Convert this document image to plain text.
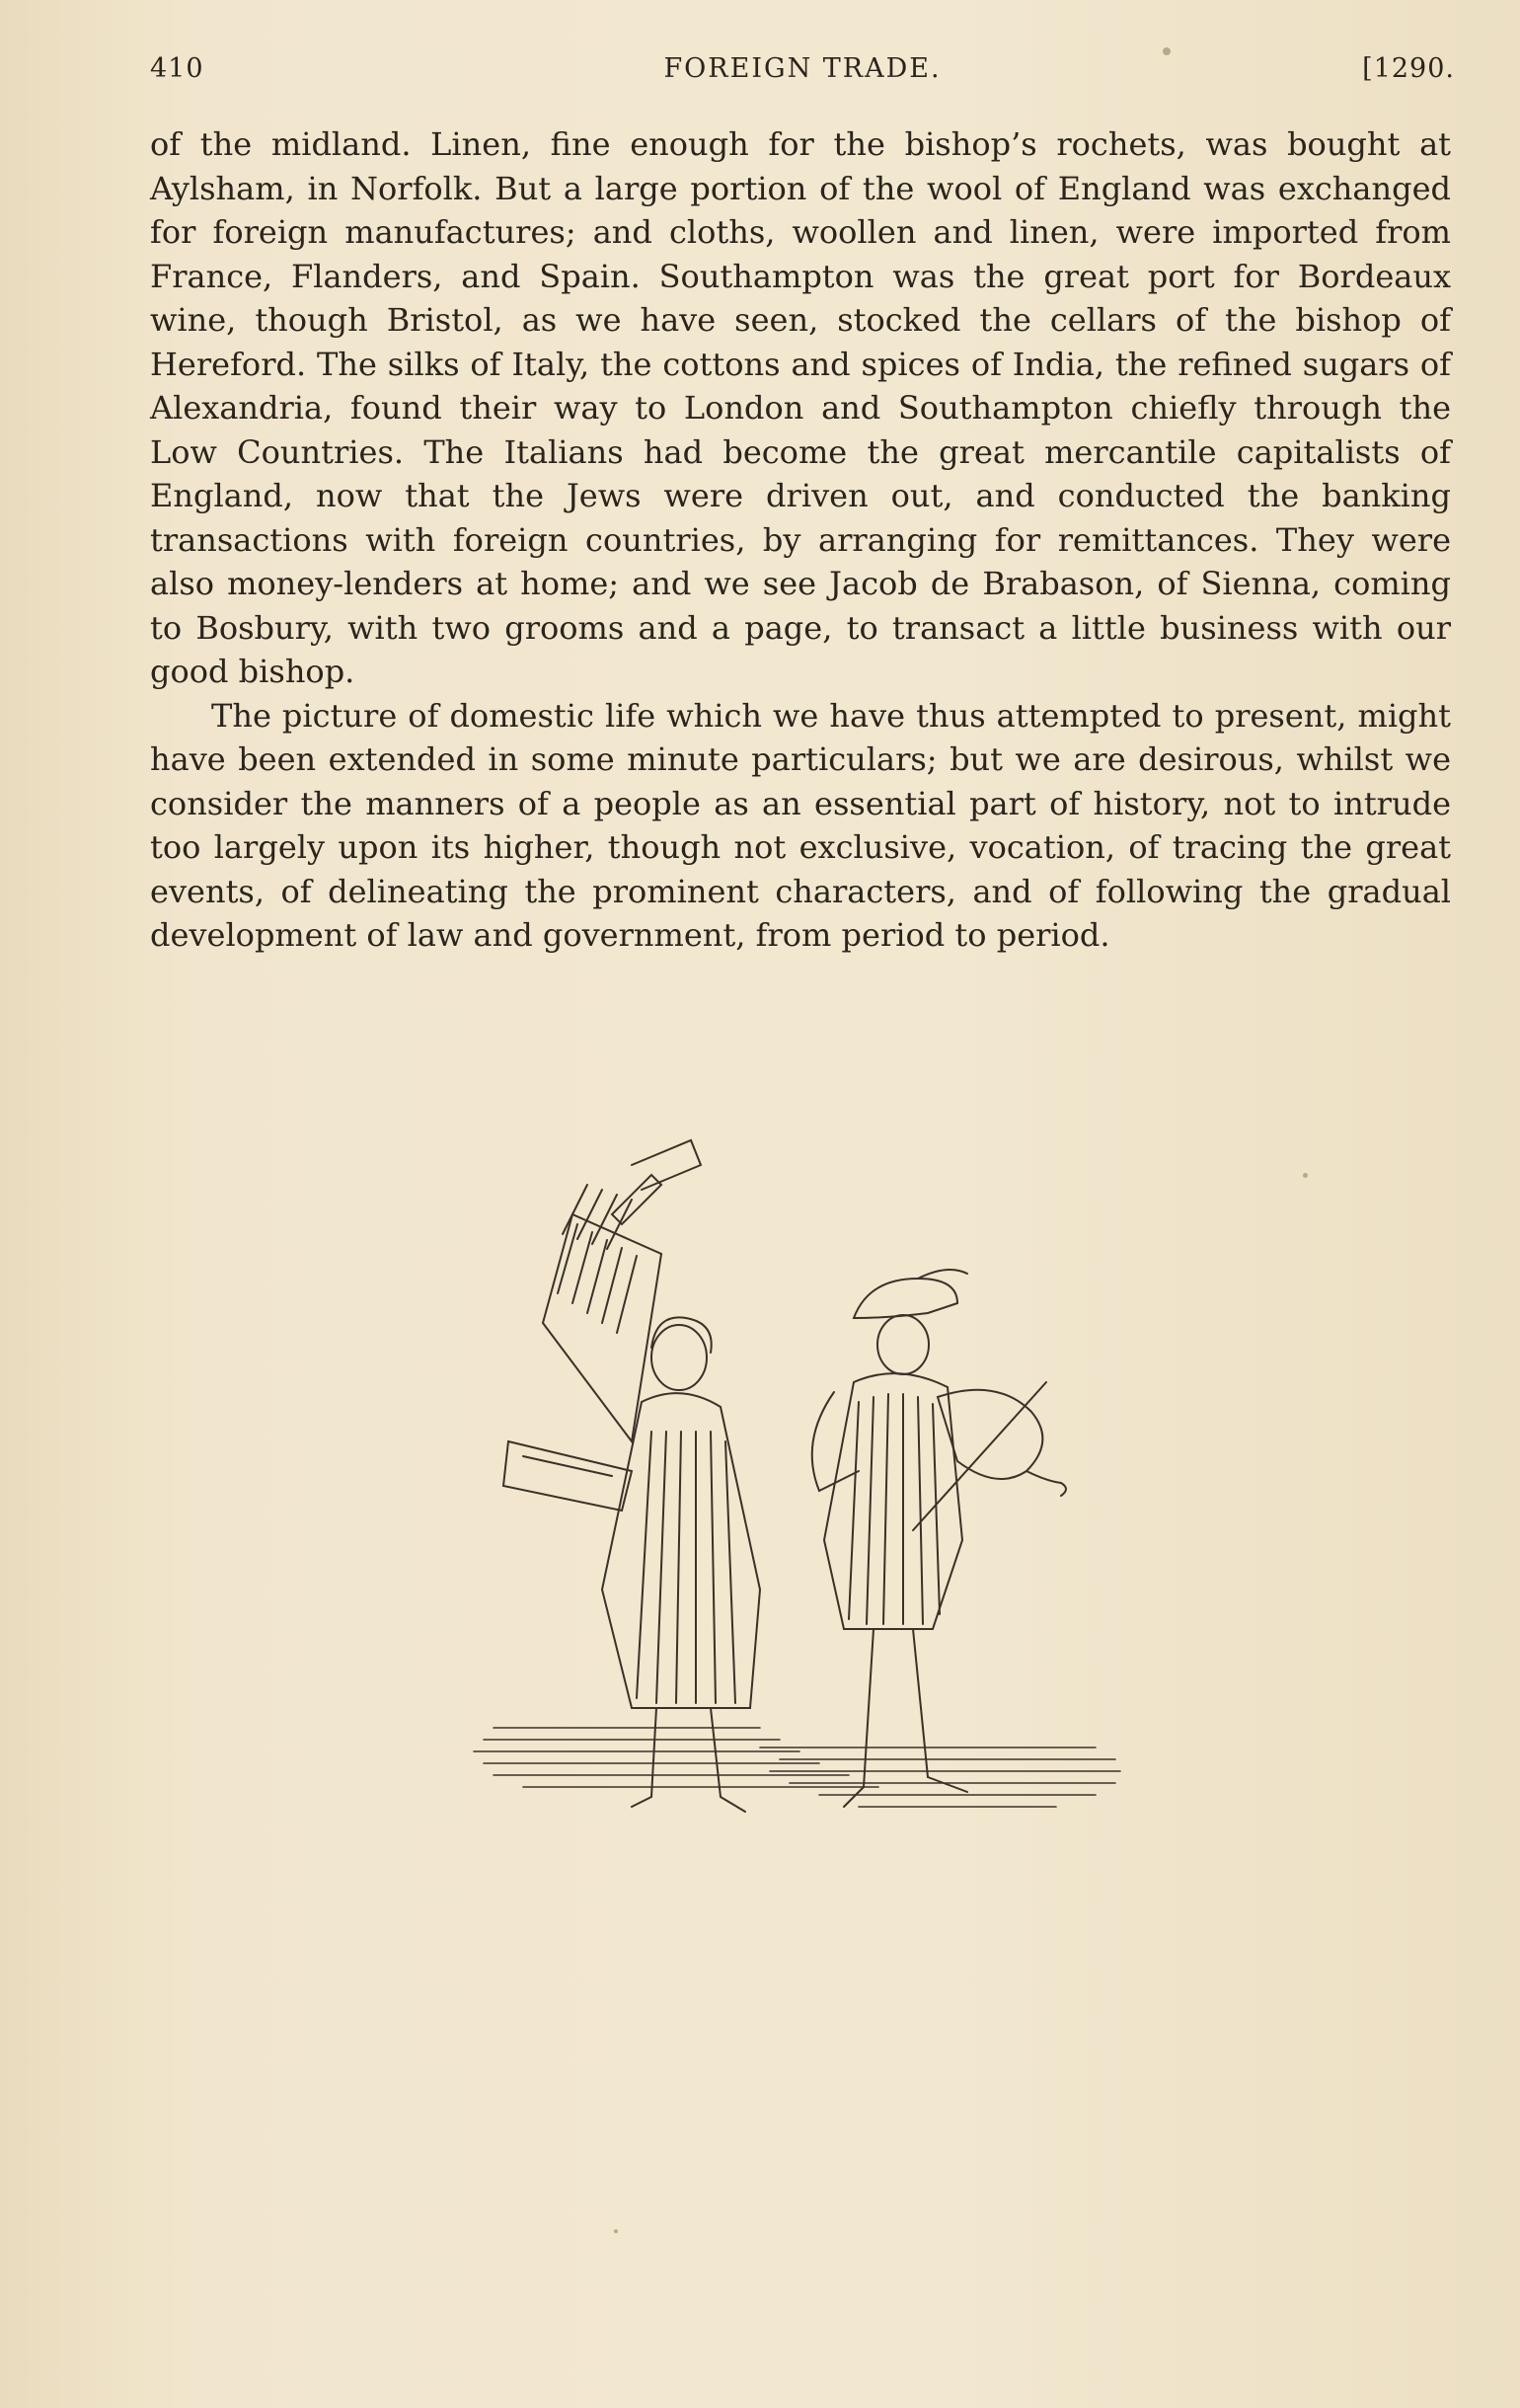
410	FOREIGN TRADE.	[1290.

of the midland. Linen, fine enough for the bishop’s rochets, was bought at Aylsham, in Norfolk. But a large portion of the wool of England was exchanged for foreign manufactures; and cloths, woollen and linen, were imported from France, Flanders, and Spain. Southampton was the great port for Bordeaux wine, though Bristol, as we have seen, stocked the cellars of the bishop of Hereford. The silks of Italy, the cottons and spices of India, the refined sugars of Alexandria, found their way to London and Southampton chiefly through the Low Countries. The Italians had become the great mercantile capitalists of England, now that the Jews were driven out, and conducted the banking transactions with foreign countries, by arranging for remittances. They were also money-lenders at home; and we see Jacob de Brabason, of Sienna, coming to Bosbury, with two grooms and a page, to transact a little business with our good bishop.

The picture of domestic life which we have thus attempted to present, might have been extended in some minute particulars; but we are desirous, whilst we consider the manners of a people as an essential part of history, not to intrude too largely upon its higher, though not exclusive, vocation, of tracing the great events, of delineating the prominent characters, and of following the gradual development of law and government, from period to period.
